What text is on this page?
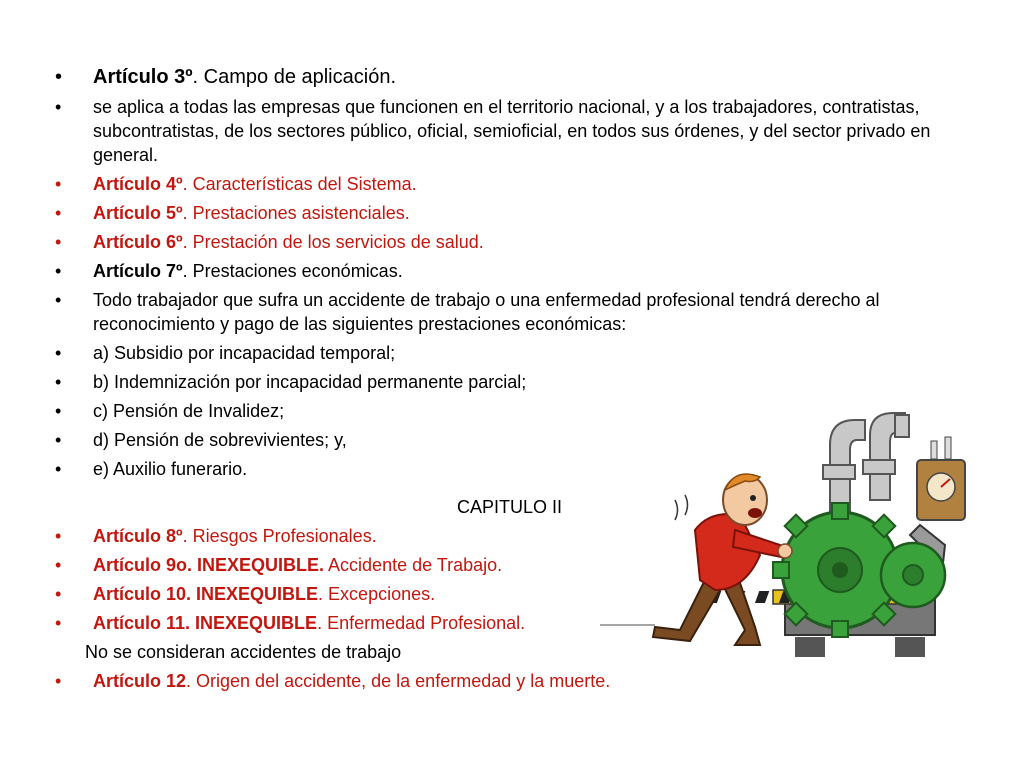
•	Artículo 3º. Campo de aplicación.
•	se aplica a todas las empresas que funcionen en el territorio nacional, y a los trabajadores, contratistas, subcontratistas, de los sectores público, oficial, semioficial, en todos sus órdenes, y del sector privado en general.
•	Artículo 4º. Características del Sistema.
•	Artículo 5º. Prestaciones asistenciales.
•	Artículo 6º. Prestación de los servicios de salud.
•	Artículo 7º. Prestaciones económicas.
•	Todo trabajador que sufra un accidente de trabajo o una enfermedad profesional tendrá derecho al reconocimiento y pago de las siguientes prestaciones económicas:
•	a) Subsidio por incapacidad temporal;
•	b) Indemnización por incapacidad permanente parcial;
•	c) Pensión de Invalidez;
•	d) Pensión de sobrevivientes; y,
•	e) Auxilio funerario.
CAPITULO II
•	Artículo 8º. Riesgos Profesionales.
•	Artículo 9o. INEXEQUIBLE. Accidente de Trabajo.
•	Artículo 10. INEXEQUIBLE. Excepciones.
•	Artículo 11. INEXEQUIBLE. Enfermedad Profesional.
No se consideran accidentes de trabajo
•	Artículo 12. Origen del accidente, de la enfermedad y la muerte.
